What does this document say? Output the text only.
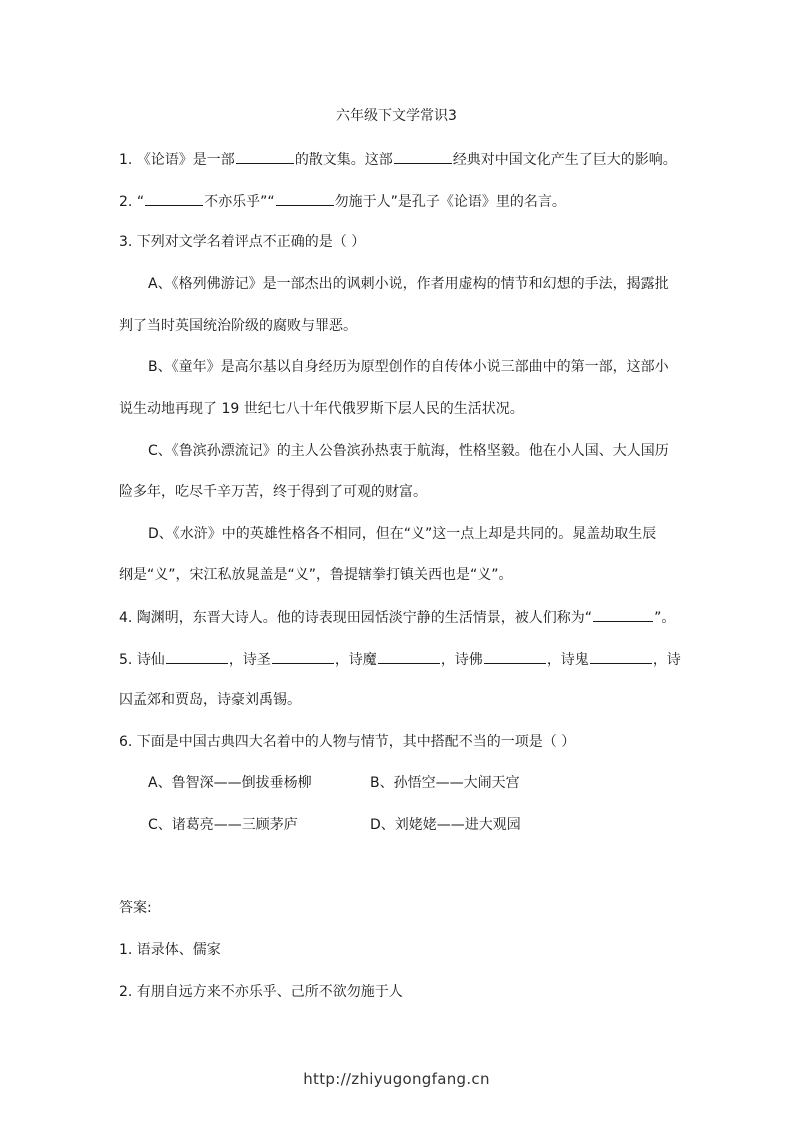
六年级下文学常识3
1. 《论语》是一部	的散文集。这部	经典对中国文化产生了巨大的影响。
2. “	不亦乐乎”“	勿施于人”是孔子《论语》里的名言。
3. 下列对文学名着评点不正确的是（ ）
A、《格列佛游记》是一部杰出的讽刺小说，作者用虚构的情节和幻想的手法，揭露批
判了当时英国统治阶级的腐败与罪恶。
B、《童年》是高尔基以自身经历为原型创作的自传体小说三部曲中的第一部，这部小
说生动地再现了 19 世纪七八十年代俄罗斯下层人民的生活状况。
C、《鲁滨孙漂流记》的主人公鲁滨孙热衷于航海，性格坚毅。他在小人国、大人国历
险多年，吃尽千辛万苦，终于得到了可观的财富。
D、《水浒》中的英雄性格各不相同，但在“义”这一点上却是共同的。晁盖劫取生辰
纲是“义”，宋江私放晁盖是“义”，鲁提辖拳打镇关西也是“义”。
4. 陶渊明，东晋大诗人。他的诗表现田园恬淡宁静的生活情景，被人们称为“	”。
5. 诗仙	，诗圣	，诗魔	，诗佛	，诗鬼	，诗
囚孟郊和贾岛，诗豪刘禹锡。
6. 下面是中国古典四大名着中的人物与情节，其中搭配不当的一项是（ ）
A、鲁智深——倒拔垂杨柳	B、孙悟空——大闹天宫
C、诸葛亮——三顾茅庐	D、刘姥姥——进大观园
答案:
1. 语录体、儒家
2. 有朋自远方来不亦乐乎、己所不欲勿施于人
http://zhiyugongfang.cn
